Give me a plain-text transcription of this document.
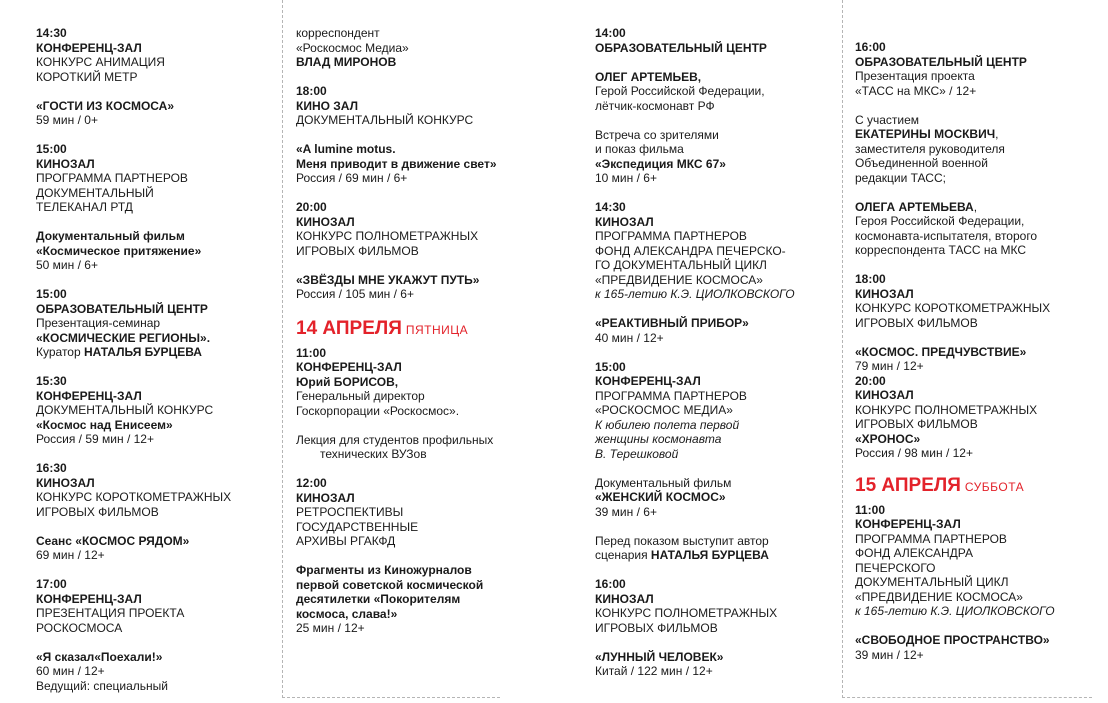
14:30
КОНФЕРЕНЦ-ЗАЛ
КОНКУРС АНИМАЦИЯ
КОРОТКИЙ МЕТР
«ГОСТИ ИЗ КОСМОСА»
59 мин / 0+
15:00
КИНОЗАЛ
ПРОГРАММА ПАРТНЕРОВ
ДОКУМЕНТАЛЬНЫЙ
ТЕЛЕКАНАЛ РТД
Документальный фильм
«Космическое притяжение»
50 мин / 6+
15:00
ОБРАЗОВАТЕЛЬНЫЙ ЦЕНТР
Презентация-семинар
«КОСМИЧЕСКИЕ РЕГИОНЫ».
Куратор НАТАЛЬЯ БУРЦЕВА
15:30
КОНФЕРЕНЦ-ЗАЛ
ДОКУМЕНТАЛЬНЫЙ КОНКУРС
«Космос над Енисеем»
Россия / 59 мин / 12+
16:30
КИНОЗАЛ
КОНКУРС КОРОТКОМЕТРАЖНЫХ
ИГРОВЫХ ФИЛЬМОВ
Сеанс «КОСМОС РЯДОМ»
69 мин / 12+
17:00
КОНФЕРЕНЦ-ЗАЛ
ПРЕЗЕНТАЦИЯ ПРОЕКТА
РОСКОСМОСА
«Я сказал«Поехали!»
60 мин / 12+
Ведущий: специальный
корреспондент
«Роскосмос Медиа»
ВЛАД МИРОНОВ
18:00
КИНО ЗАЛ
ДОКУМЕНТАЛЬНЫЙ КОНКУРС
«A lumine motus.
Меня приводит в движение свет»
Россия / 69 мин / 6+
20:00
КИНОЗАЛ
КОНКУРС ПОЛНОМЕТРАЖНЫХ
ИГРОВЫХ ФИЛЬМОВ
«ЗВЁЗДЫ МНЕ УКАЖУТ ПУТЬ»
Россия / 105 мин / 6+
14 АПРЕЛЯ ПЯТНИЦА
11:00
КОНФЕРЕНЦ-ЗАЛ
Юрий БОРИСОВ,
Генеральный директор
Госкорпорации «Роскосмос».
Лекция для студентов профильных
технических ВУЗов
12:00
КИНОЗАЛ
РЕТРОСПЕКТИВЫ
ГОСУДАРСТВЕННЫЕ
АРХИВЫ РГАКФД
Фрагменты из Киножурналов
первой советской космической
десятилетки «Покорителям
космоса, слава!»
25 мин / 12+
14:00
ОБРАЗОВАТЕЛЬНЫЙ ЦЕНТР
ОЛЕГ АРТЕМЬЕВ,
Герой Российской Федерации,
лётчик-космонавт РФ
Встреча со зрителями
и показ фильма
«Экспедиция МКС 67»
10 мин / 6+
14:30
КИНОЗАЛ
ПРОГРАММА ПАРТНЕРОВ
ФОНД АЛЕКСАНДРА ПЕЧЕРСКО-
ГО ДОКУМЕНТАЛЬНЫЙ ЦИКЛ
«ПРЕДВИДЕНИЕ КОСМОСА»
к 165-летию К.Э. ЦИОЛКОВСКОГО
«РЕАКТИВНЫЙ ПРИБОР»
40 мин / 12+
15:00
КОНФЕРЕНЦ-ЗАЛ
ПРОГРАММА ПАРТНЕРОВ
«РОСКОСМОС МЕДИА»
К юбилею полета первой
женщины космонавта
В. Терешковой
Документальный фильм
«ЖЕНСКИЙ КОСМОС»
39 мин / 6+
Перед показом выступит автор
сценария НАТАЛЬЯ БУРЦЕВА
16:00
КИНОЗАЛ
КОНКУРС ПОЛНОМЕТРАЖНЫХ
ИГРОВЫХ ФИЛЬМОВ
«ЛУННЫЙ ЧЕЛОВЕК»
Китай / 122 мин / 12+
16:00
ОБРАЗОВАТЕЛЬНЫЙ ЦЕНТР
Презентация проекта
«ТАСС на МКС» / 12+
С участием
ЕКАТЕРИНЫ МОСКВИЧ,
заместителя руководителя
Объединенной военной
редакции ТАСС;
ОЛЕГА АРТЕМЬЕВА,
Героя Российской Федерации,
космонавта-испытателя, второго
корреспондента ТАСС на МКС
18:00
КИНОЗАЛ
КОНКУРС КОРОТКОМЕТРАЖНЫХ
ИГРОВЫХ ФИЛЬМОВ
«КОСМОС. ПРЕДЧУВСТВИЕ»
79 мин / 12+
20:00
КИНОЗАЛ
КОНКУРС ПОЛНОМЕТРАЖНЫХ
ИГРОВЫХ ФИЛЬМОВ
«ХРОНОС»
Россия / 98 мин / 12+
15 АПРЕЛЯ СУББОТА
11:00
КОНФЕРЕНЦ-ЗАЛ
ПРОГРАММА ПАРТНЕРОВ
ФОНД АЛЕКСАНДРА
ПЕЧЕРСКОГО
ДОКУМЕНТАЛЬНЫЙ ЦИКЛ
«ПРЕДВИДЕНИЕ КОСМОСА»
к 165-летию К.Э. ЦИОЛКОВСКОГО
«СВОБОДНОЕ ПРОСТРАНСТВО»
39 мин / 12+
